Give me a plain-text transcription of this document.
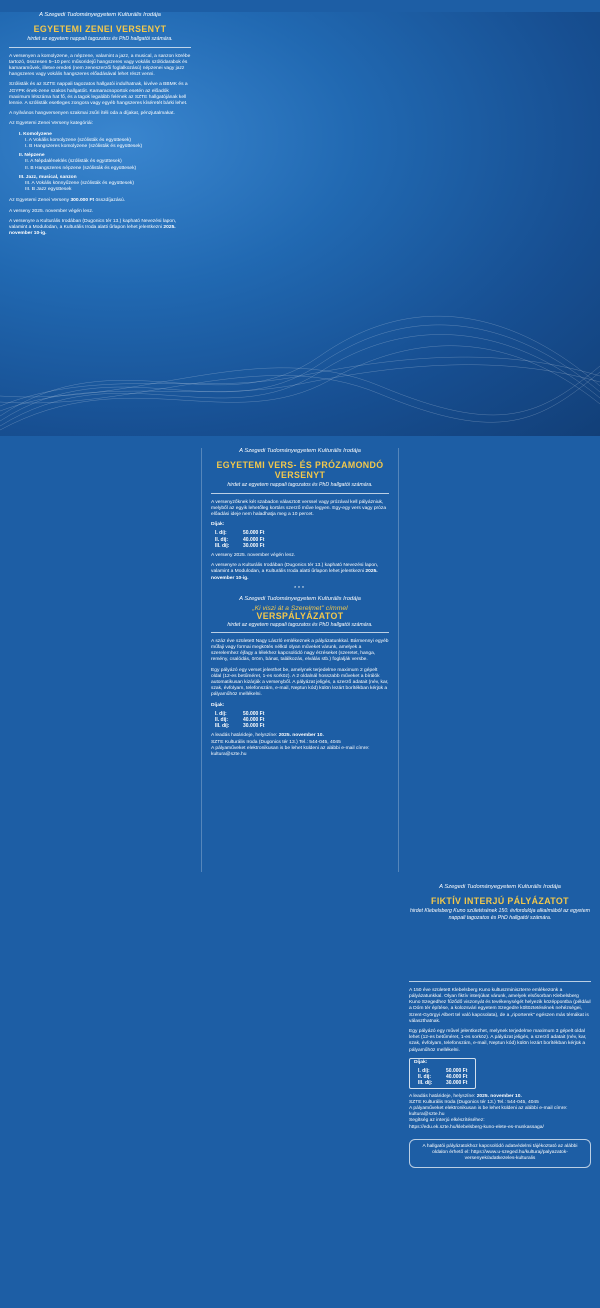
A Szegedi Tudományegyetem Kulturális Irodája
EGYETEMI ZENEI VERSENYT
hirdet az egyetem nappali tagozatos és PhD hallgatói számára.

A versenyen a komolyzene, a népzene, valamint a jazz, a musical, a sanzon körébe tartozó, összesen 5–10 perc műsoridejű hangszeres vagy vokális szólódarabok és kamaraművek, illetve eredeti (nem zeneszerzői foglalkozású) népzenei vagy jazz hangszeres vagy vokális hangszeres előadásával lehet részt venni.

Szólisták és az SZTE nappali tagozatos hallgatói indulhatnak, kivéve a BBMK és a JGYPK ének-zene szakos hallgatóit. Kamaracsoportok esetén az előadók maximum létszáma hat fő, és a tagok legalább felének az SZTE hallgatójának kell lennie. A szólisták esetleges zongora vagy egyéb hangszeres kíséretét bárki lehet.

A nyilvános hangversenyen szakmai zsűri ítéli oda a díjakat, pénzjutalmakat.

Az Egyetemi Zenei Verseny kategóriái:

I. Komolyzene
I. A Vokális komolyzene (szólisták és együttesek)
I. B Hangszeres komolyzene (szólisták és együttesek)
II. Népzene
II. A Népdaléneklés (szólisták és együttesek)
II. B Hangszeres népzene (szólisták és együttesek)
III. Jazz, musical, sanzon
III. A Vokális könnyűzene (szólisták és együttesek)
III. B Jazz együttesek

Az Egyetemi Zenei Verseny 300.000 Ft összdíjazású.

A verseny 2025. november végén lesz.

A versenyre a Kulturális Irodában (Dugonics tér 13.) kapható Nevezési lapon, valamint a Modulodan, a Kulturális Iroda alatti űrlapon lehet jelentkezni 2025. november 10-ig.

A Szegedi Tudományegyetem Kulturális Irodája
EGYETEMI VERS- ÉS PRÓZAMONDÓ VERSENYT
hirdet az egyetem nappali tagozatos és PhD hallgatói számára.

A versenyzőknek két szabadon választott verssel vagy prózával kell pályázniuk, melyből az egyik lehetőleg kortárs szerző műve legyen. Egy-egy vers vagy próza előadási ideje nem haladhatja meg a 10 percet.

Díjak:
I. díj:	50.000 Ft
II. díj:	40.000 Ft
III. díj:	30.000 Ft

A verseny 2025. november végén lesz.

A versenyre a Kulturális Irodában (Dugonics tér 13.) kapható Nevezési lapon, valamint a Modulodan, a Kulturális Iroda alatti űrlapon lehet jelentkezni 2025. november 10-ig.

***
A Szegedi Tudományegyetem Kulturális Irodája
„Ki viszi át a Szerelmet" címmel
VERSPÁLYÁZATOT
hirdet az egyetem nappali tagozatos és PhD hallgatói számára.

A száz éve született Nagy László emlékeznek a pályázatunkkal. Bármennyi egyéb műfaji vagy formai megkötés nélkül olyan műveket várunk, amelyek a szerelemhez éjfagy a lélekhez kapcsolódó nagy érzéseket (szeretet, hanga, remény, csalódás, öröm, bánat, találkozás, elválás stb.) foglalják versbe.

Egy pályázó egy verset jelenthet be, amelynek terjedelme maximum 2 gépelt oldal (12-es betűméret, 1-es sorköz). A 2 oldalnál hosszabb műveket a bírálók automatikusan kizárják a versenyből. A pályázat jeligés, a szerző adatait (név, kar, szak, évfolyam, telefonszám, e-mail, Neptun kód) külön lezárt borítékban kérjük a pályaműhöz mellékelni.

Díjak:
I. díj:	50.000 Ft
II. díj:	40.000 Ft
III. díj:	30.000 Ft

A leadás határideje, helyszíne: 2025. november 10.

SZTE Kulturális Iroda (Dugonics tér 13.) Tel.: 544-045, 4045

A pályaműveket elektronikusan is be lehet küldeni az alábbi e-mail címre: kultura@szte.hu

A Szegedi Tudományegyetem Kulturális Irodája
FIKTÍV INTERJÚ PÁLYÁZATOT
hirdet Klebelsberg Kuno születésének 150. évfordulója alkalmából az egyetem nappali tagozatos és PhD hallgatói számára.

A 150 éve született Klebelsberg Kuno kultuszminiszterre emlékezünk a pályázatunkkal. Olyan fiktív interjúkat várunk, amelyek elsősorban Klebelsberg Kuno Szegedhez fűződő viszonyát és tevékenységét helyezik középpontba (például a Dóm tér építése, a kolozsvári egyetem Szegedre költöztetésének nehézségei, Szent-Györgyi Albert tel való kapcsolata), de a „riporterek" egészen más témákat is választhatnak.

Egy pályázó egy művel jelentkezhet, melynek terjedelme maximum 3 gépelt oldal lehet (12-es betűméret, 1-es sorköz). A pályázat jeligés, a szerző adatait (név, kar, szak, évfolyam, telefonszám, e-mail, Neptun kód) külön lezárt borítékban kérjük a pályaműhöz mellékelni.

Díjak:
I. díj:	50.000 Ft
II. díj:	40.000 Ft
III. díj:	30.000 Ft

A leadás határideje, helyszíne: 2025. november 10.

SZTE Kulturális Iroda (Dugonics tér 13.) Tel.: 544-045, 4045

A pályaműveket elektronikusan is be lehet küldeni az alábbi e-mail címre: kultura@szte.hu

Segítség az interjú elkészítéséhez:

https://edu.ek.szte.hu/klebelsberg-kuno-elete-es-munkassaga/

A hallgatói pályázatokhoz kapcsolódó adatvédelmi tájékoztató az alábbi oldalon érhető el: https://www.u-szeged.hu/kulturaj/palyazatok-versenyek/adatkezeles-kulturalis
